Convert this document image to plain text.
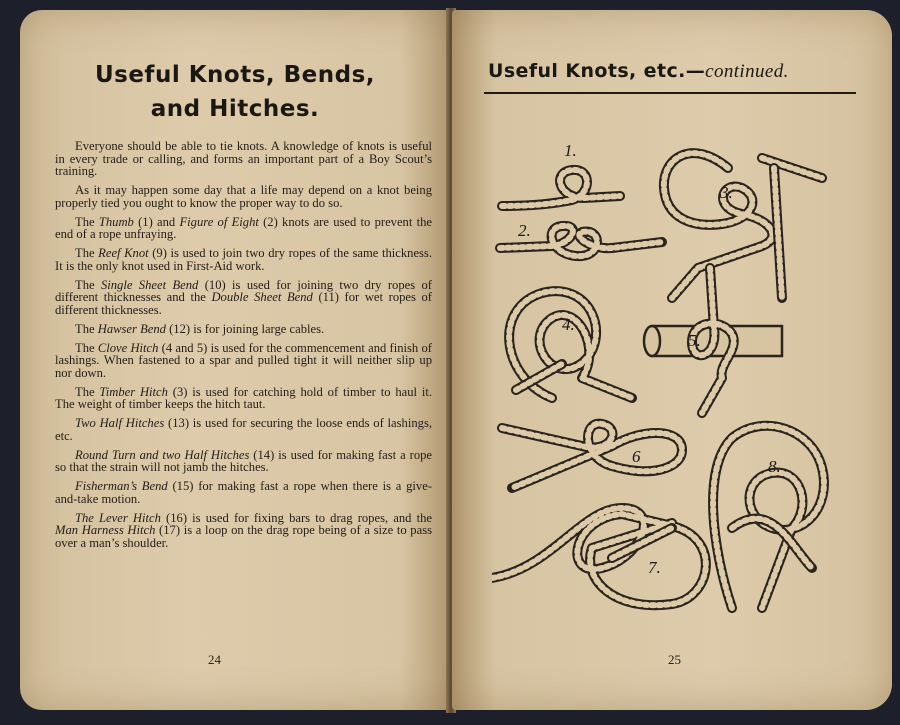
Useful Knots, Bends,
and Hitches.

Everyone should be able to tie knots. A knowledge of knots is useful in every trade or calling, and forms an important part of a Boy Scout’s training.

As it may happen some day that a life may depend on a knot being properly tied you ought to know the proper way to do so.

The Thumb (1) and Figure of Eight (2) knots are used to prevent the end of a rope unfraying.

The Reef Knot (9) is used to join two dry ropes of the same thickness. It is the only knot used in First-Aid work.

The Single Sheet Bend (10) is used for joining two dry ropes of different thicknesses and the Double Sheet Bend (11) for wet ropes of different thicknesses.

The Hawser Bend (12) is for joining large cables.

The Clove Hitch (4 and 5) is used for the commencement and finish of lashings. When fastened to a spar and pulled tight it will neither slip up nor down.

The Timber Hitch (3) is used for catching hold of timber to haul it. The weight of timber keeps the hitch taut.

Two Half Hitches (13) is used for securing the loose ends of lashings, etc.

Round Turn and two Half Hitches (14) is used for making fast a rope so that the strain will not jamb the hitches.

Fisherman’s Bend (15) for making fast a rope when there is a give-and-take motion.

The Lever Hitch (16) is used for fixing bars to drag ropes, and the Man Harness Hitch (17) is a loop on the drag rope being of a size to pass over a man’s shoulder.

24
Useful Knots, etc.—continued.
1.
2.
3.
4.
5.
6
7.
8.
25
